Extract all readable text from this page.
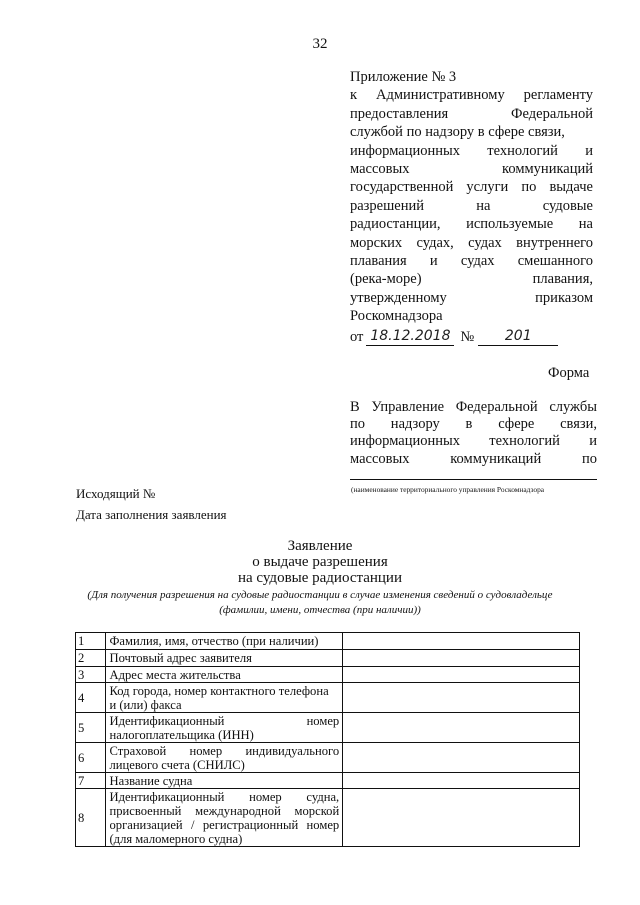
32
Приложение № 3
к Административному регламенту
предоставления Федеральной
службой по надзору в сфере связи,
информационных технологий и
массовых коммуникаций
государственной услуги по выдаче
разрешений на судовые
радиостанции, используемые на
морских судах, судах внутреннего
плавания и судах смешанного
(река-море) плавания,
утвержденному приказом
Роскомнадзора
от 18.12.2018 №	201
Форма
В Управление Федеральной службы
по надзору в сфере связи,
информационных технологий и
массовых коммуникаций по
(наименование территориального управления Роскомнадзора
Исходящий №
Дата заполнения заявления
Заявление
о выдаче разрешения
на судовые радиостанции
(Для получения разрешения на судовые радиостанции в случае изменения сведений о судовладельце
(фамилии, имени, отчества (при наличии))
1	Фамилия, имя, отчество (при наличии)	

2	Почтовый адрес заявителя	

3	Адрес места жительства	

4	Код города, номер контактного телефона
и (или) факса	

5	Идентификационный номер
налогоплательщика (ИНН)	

6	Страховой номер индивидуального
лицевого счета (СНИЛС)	

7	Название судна	

8	Идентификационный номер судна,
присвоенный международной морской
организацией / регистрационный номер
(для маломерного судна)	
